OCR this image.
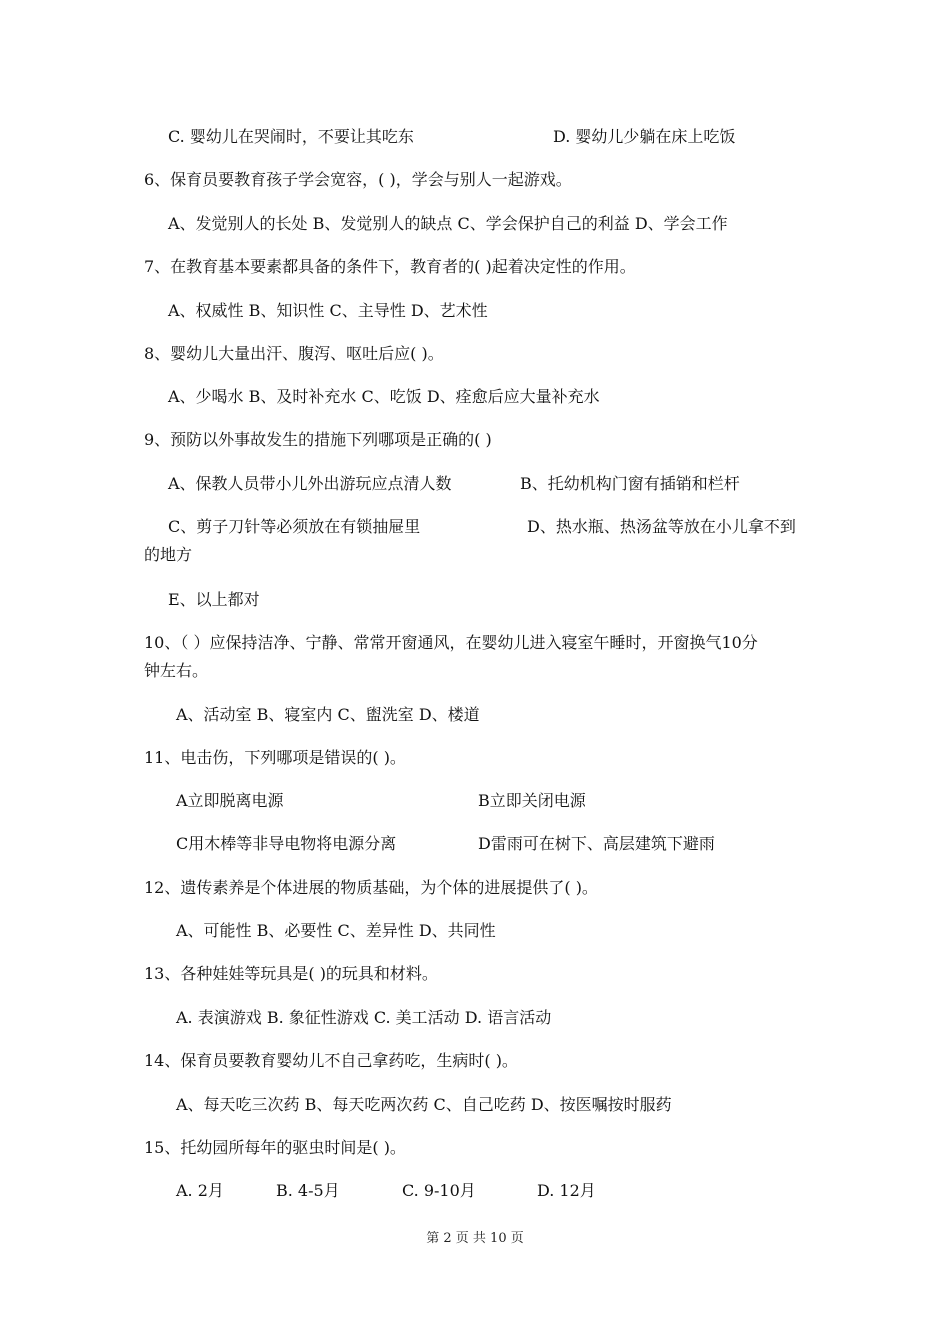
C. 婴幼儿在哭闹时，不要让其吃东	D. 婴幼儿少躺在床上吃饭
6、保育员要教育孩子学会宽容，( )，学会与别人一起游戏。
A、发觉别人的长处 B、发觉别人的缺点 C、学会保护自己的利益 D、学会工作
7、在教育基本要素都具备的条件下，教育者的( )起着决定性的作用。
A、权威性 B、知识性 C、主导性 D、艺术性
8、婴幼儿大量出汗、腹泻、呕吐后应( )。
A、少喝水 B、及时补充水 C、吃饭 D、痊愈后应大量补充水
9、预防以外事故发生的措施下列哪项是正确的( )
A、保教人员带小儿外出游玩应点清人数	B、托幼机构门窗有插销和栏杆
C、剪子刀针等必须放在有锁抽屉里	D、热水瓶、热汤盆等放在小儿拿不到
的地方
E、以上都对
10、（ ）应保持洁净、宁静、常常开窗通风，在婴幼儿进入寝室午睡时，开窗换气10分
钟左右。
A、活动室 B、寝室内 C、盥洗室 D、楼道
11、电击伤，下列哪项是错误的( )。
A立即脱离电源	B立即关闭电源
C用木棒等非导电物将电源分离	D雷雨可在树下、高层建筑下避雨
12、遗传素养是个体进展的物质基础，为个体的进展提供了( )。
A、可能性 B、必要性 C、差异性 D、共同性
13、各种娃娃等玩具是( )的玩具和材料。
A. 表演游戏 B. 象征性游戏 C. 美工活动 D. 语言活动
14、保育员要教育婴幼儿不自己拿药吃，生病时( )。
A、每天吃三次药 B、每天吃两次药 C、自己吃药 D、按医嘱按时服药
15、托幼园所每年的驱虫时间是( )。
A. 2月	B. 4-5月	C. 9-10月	D. 12月
第 2 页 共 10 页
